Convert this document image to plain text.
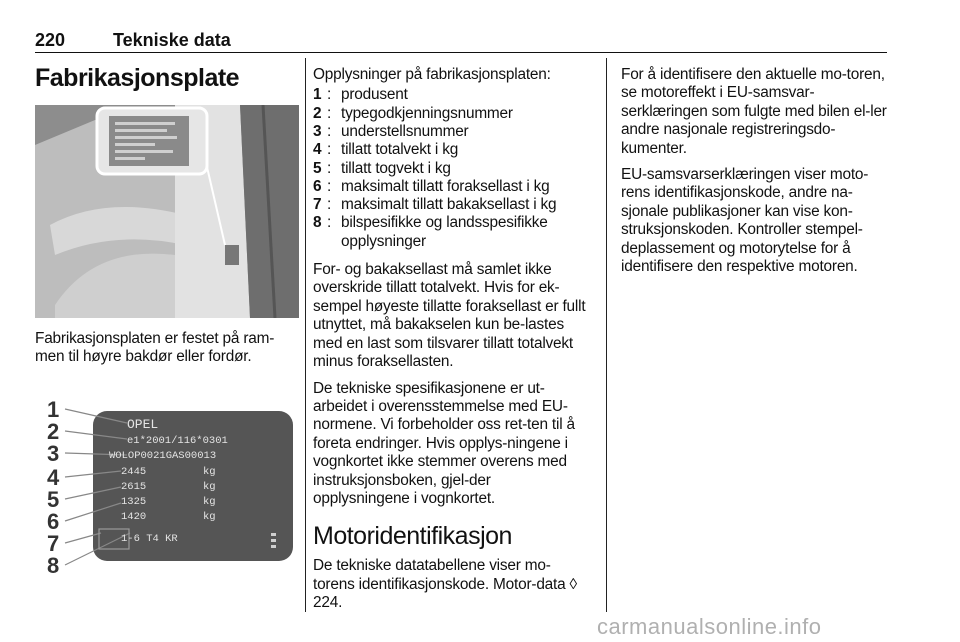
220	Tekniske data
Fabrikasjonsplate

Fabrikasjonsplaten er festet på ram-men til høyre bakdør eller fordør.

1
2
3
4
5
6
7
8
OPEL
e1*2001/116*0301
WOLOP0021GAS00013
2445
2615
1325
1420
1-6 T4 KR
kg
kg
kg
kg
Opplysninger på fabrikasjonsplaten:
1 : produsent
2 : typegodkjenningsnummer
3 : understellsnummer
4 : tillatt totalvekt i kg
5 : tillatt togvekt i kg
6 : maksimalt tillatt foraksellast i kg
7 : maksimalt tillatt bakaksellast i kg
8 : bilspesifikke og landsspesifikke opplysninger

For- og bakaksellast må samlet ikke overskride tillatt totalvekt. Hvis for ek-sempel høyeste tillatte foraksellast er fullt utnyttet, må bakakselen kun be-lastes med en last som tilsvarer tillatt totalvekt minus foraksellasten.

De tekniske spesifikasjonene er ut-arbeidet i overensstemmelse med EU-normene. Vi forbeholder oss ret-ten til å foreta endringer. Hvis opplys-ningene i vognkortet ikke stemmer overens med instruksjonsboken, gjel-der opplysningene i vognkortet.

Motoridentifikasjon

De tekniske datatabellene viser mo-torens identifikasjonskode. Motor-data ◊ 224.

For å identifisere den aktuelle mo-toren, se motoreffekt i EU-samsvar-serklæringen som fulgte med bilen el-ler andre nasjonale registreringsdo-kumenter.

EU-samsvarserklæringen viser moto-rens identifikasjonskode, andre na-sjonale publikasjoner kan vise kon-struksjonskoden. Kontroller stempel-deplassement og motorytelse for å identifisere den respektive motoren.

carmanualsonline.info
